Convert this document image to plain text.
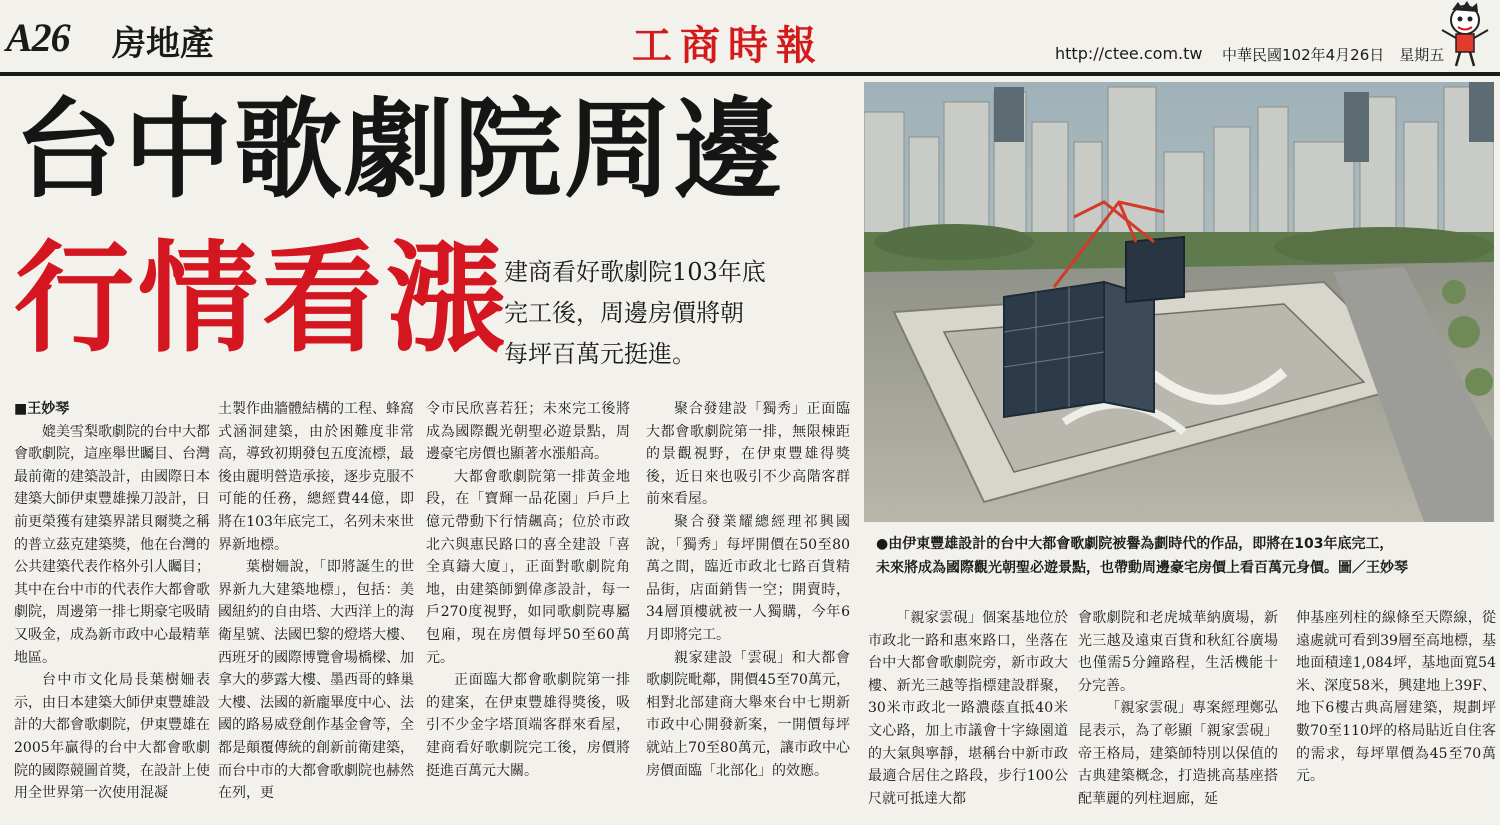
A26 房地產	工商時報	http://ctee.com.tw 中華民國102年4月26日　星期五
台中歌劇院周邊
行情看漲
建商看好歌劇院103年底
完工後，周邊房價將朝
每坪百萬元挺進。
●由伊東豐雄設計的台中大都會歌劇院被譽為劃時代的作品，即將在103年底完工，
未來將成為國際觀光朝聖必遊景點，也帶動周邊豪宅房價上看百萬元身價。圖／王妙琴

■王妙琴

媲美雪梨歌劇院的台中大都會歌劇院，這座舉世矚目、台灣最前衛的建築設計，由國際日本建築大師伊東豐雄操刀設計，日前更榮獲有建築界諾貝爾獎之稱的普立茲克建築獎，他在台灣的公共建築代表作格外引人矚目；其中在台中市的代表作大都會歌劇院，周邊第一排七期豪宅吸睛又吸金，成為新市政中心最精華地區。

台中市文化局長葉樹姍表示，由日本建築大師伊東豐雄設計的大都會歌劇院，伊東豐雄在2005年贏得的台中大都會歌劇院的國際競圖首獎，在設計上使用全世界第一次使用混凝

土製作曲牆體結構的工程、蜂窩式涵洞建築，由於困難度非常高，導致初期發包五度流標，最後由麗明營造承接，逐步克服不可能的任務，總經費44億，即將在103年底完工，名列未來世界新地標。

葉樹姍說，「即將誕生的世界新九大建築地標」，包括：美國紐約的自由塔、大西洋上的海衛星號、法國巴黎的燈塔大樓、西班牙的國際博覽會場橋樑、加拿大的夢露大樓、墨西哥的蜂巢大樓、法國的新龐畢度中心、法國的路易威登創作基金會等，全都是顛覆傳統的創新前衛建築，而台中市的大都會歌劇院也赫然在列，更

令市民欣喜若狂；未來完工後將成為國際觀光朝聖必遊景點，周邊豪宅房價也顯著水漲船高。

大都會歌劇院第一排黃金地段，在「寶輝一品花園」戶戶上億元帶動下行情飆高；位於市政北六與惠民路口的喜全建設「喜全真鑄大廈」，正面對歌劇院角地，由建築師劉偉彥設計，每一戶270度視野，如同歌劇院專屬包廂，現在房價每坪50至60萬元。

正面臨大都會歌劇院第一排的建案，在伊東豐雄得獎後，吸引不少金字塔頂端客群來看屋，建商看好歌劇院完工後，房價將挺進百萬元大關。

聚合發建設「獨秀」正面臨大都會歌劇院第一排，無限棟距的景觀視野，在伊東豐雄得獎後，近日來也吸引不少高階客群前來看屋。

聚合發業耀總經理祁興國說，「獨秀」每坪開價在50至80萬之間，臨近市政北七路百貨精品街，店面銷售一空；開賣時，34層頂樓就被一人獨購，今年6月即將完工。

親家建設「雲硯」和大都會歌劇院毗鄰，開價45至70萬元，相對北部建商大舉來台中七期新市政中心開發新案，一開價每坪就站上70至80萬元，讓市政中心房價面臨「北部化」的效應。

「親家雲硯」個案基地位於市政北一路和惠來路口，坐落在台中大都會歌劇院旁，新市政大樓、新光三越等指標建設群聚，30米市政北一路濃蔭直抵40米文心路，加上市議會十字綠園道的大氣與寧靜，堪稱台中新市政最適合居住之路段，步行100公尺就可抵達大都

會歌劇院和老虎城華納廣場，新光三越及遠東百貨和秋紅谷廣場也僅需5分鐘路程，生活機能十分完善。

「親家雲硯」專案經理鄭弘昆表示，為了彰顯「親家雲硯」帝王格局，建築師特別以保值的古典建築概念，打造挑高基座搭配華麗的列柱迴廊，延

伸基座列柱的線條至天際線，從遠處就可看到39層至高地標，基地面積達1,084坪，基地面寬54米、深度58米，興建地上39F、地下6樓古典高層建築，規劃坪數70至110坪的格局貼近自住客的需求，每坪單價為45至70萬元。
